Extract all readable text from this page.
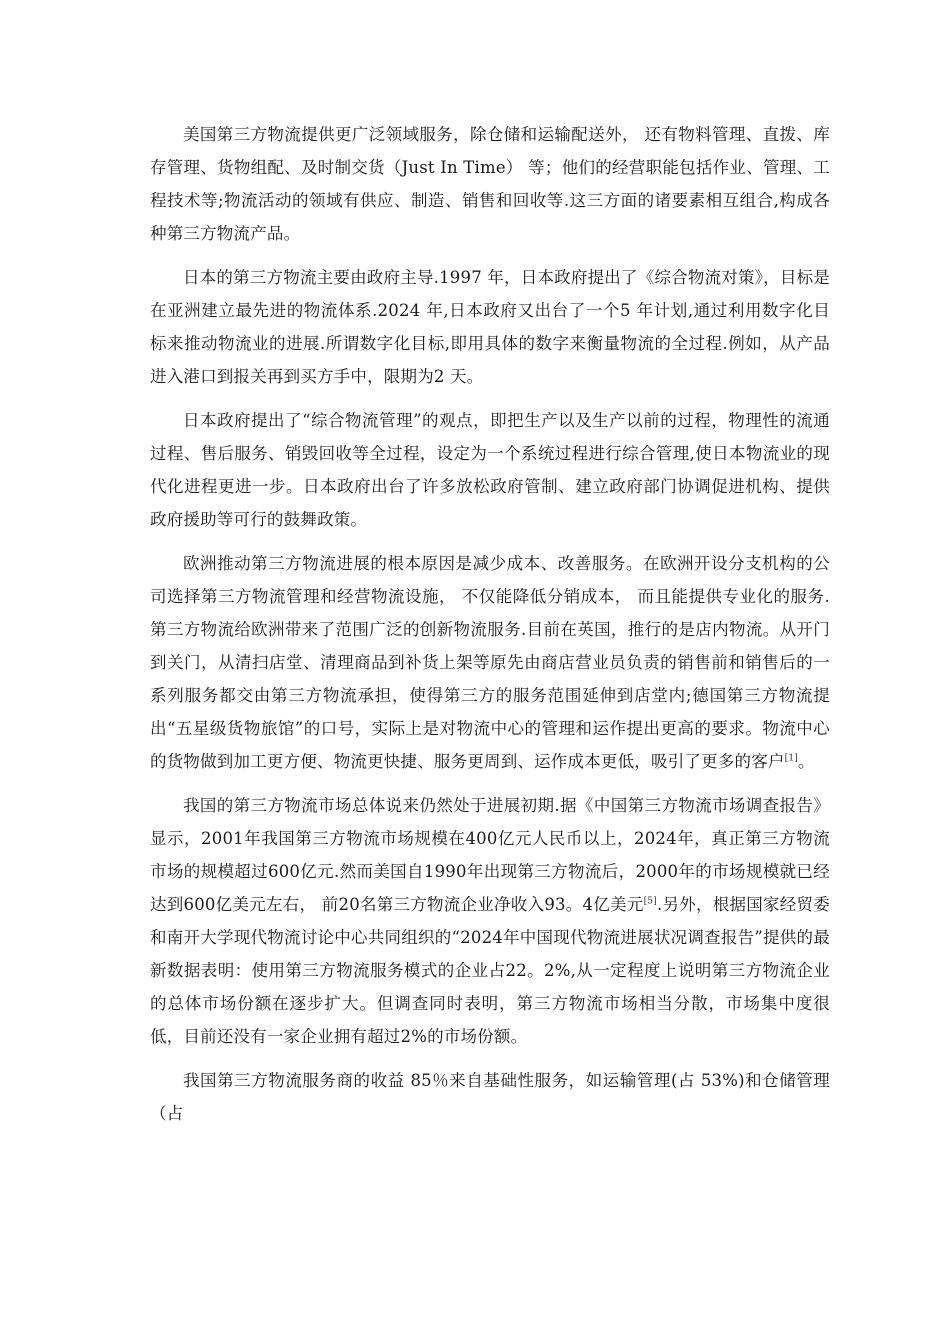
美国第三方物流提供更广泛领域服务，除仓储和运输配送外， 还有物料管理、直拨、库存管理、货物组配、及时制交货（Just In Time） 等；他们的经营职能包括作业、管理、工程技术等;物流活动的领域有供应、制造、销售和回收等.这三方面的诸要素相互组合,构成各种第三方物流产品。

日本的第三方物流主要由政府主导.1997 年，日本政府提出了《综合物流对策》，目标是在亚洲建立最先进的物流体系.2024 年,日本政府又出台了一个5 年计划,通过利用数字化目标来推动物流业的进展.所谓数字化目标,即用具体的数字来衡量物流的全过程.例如，从产品进入港口到报关再到买方手中，限期为2 天。

日本政府提出了“综合物流管理”的观点，即把生产以及生产以前的过程，物理性的流通过程、售后服务、销毁回收等全过程，设定为一个系统过程进行综合管理,使日本物流业的现代化进程更进一步。日本政府出台了许多放松政府管制、建立政府部门协调促进机构、提供政府援助等可行的鼓舞政策。

欧洲推动第三方物流进展的根本原因是减少成本、改善服务。在欧洲开设分支机构的公司选择第三方物流管理和经营物流设施， 不仅能降低分销成本， 而且能提供专业化的服务.第三方物流给欧洲带来了范围广泛的创新物流服务.目前在英国，推行的是店内物流。从开门到关门，从清扫店堂、清理商品到补货上架等原先由商店营业员负责的销售前和销售后的一系列服务都交由第三方物流承担，使得第三方的服务范围延伸到店堂内;德国第三方物流提出“五星级货物旅馆”的口号，实际上是对物流中心的管理和运作提出更高的要求。物流中心的货物做到加工更方便、物流更快捷、服务更周到、运作成本更低，吸引了更多的客户[1]。

我国的第三方物流市场总体说来仍然处于进展初期.据《中国第三方物流市场调查报告》显示，2001年我国第三方物流市场规模在400亿元人民币以上，2024年，真正第三方物流市场的规模超过600亿元.然而美国自1990年出现第三方物流后，2000年的市场规模就已经达到600亿美元左右， 前20名第三方物流企业净收入93。4亿美元[5].另外，根据国家经贸委和南开大学现代物流讨论中心共同组织的“2024年中国现代物流进展状况调查报告”提供的最新数据表明：使用第三方物流服务模式的企业占22。2%,从一定程度上说明第三方物流企业的总体市场份额在逐步扩大。但调查同时表明，第三方物流市场相当分散，市场集中度很低，目前还没有一家企业拥有超过2%的市场份额。

我国第三方物流服务商的收益 85％来自基础性服务，如运输管理(占 53%)和仓储管理（占
